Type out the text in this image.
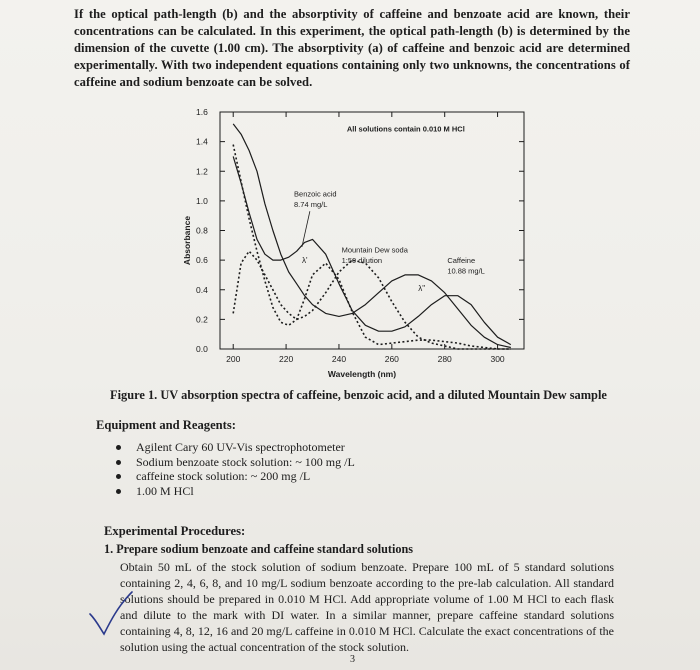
If the optical path-length (b) and the absorptivity of caffeine and benzoate acid are known, their concentrations can be calculated. In this experiment, the optical path-length (b) is determined by the dimension of the cuvette (1.00 cm). The absorptivity (a) of caffeine and benzoic acid are determined experimentally. With two independent equations containing only two unknowns, the concentrations of caffeine and sodium benzoate can be solved.
0.0
0.2
0.4
0.6
0.8
1.0
1.2
1.4
1.6
200	220	240	260	280	300
Wavelength (nm)
Absorbance
All solutions contain 0.010 M HCl
Benzoic acid
8.74 mg/L
Mountain Dew soda
1:50 dilution	Caffeine
10.88 mg/L
λ'
λ"
Figure 1. UV absorption spectra of caffeine, benzoic acid, and a diluted Mountain Dew sample
Equipment and Reagents:
Agilent Cary 60 UV-Vis spectrophotometer
Sodium benzoate stock solution: ~ 100 mg /L
caffeine stock solution: ~ 200 mg /L
1.00 M HCl
Experimental Procedures:
1. Prepare sodium benzoate and caffeine standard solutions
Obtain 50 mL of the stock solution of sodium benzoate. Prepare 100 mL of 5 standard solutions containing 2, 4, 6, 8, and 10 mg/L sodium benzoate according to the pre-lab calculation. All standard solutions should be prepared in 0.010 M HCl. Add appropriate volume of 1.00 M HCl to each flask and dilute to the mark with DI water. In a similar manner, prepare caffeine standard solutions containing 4, 8, 12, 16 and 20 mg/L caffeine in 0.010 M HCl. Calculate the exact concentrations of the solution using the actual concentration of the stock solution.
3
